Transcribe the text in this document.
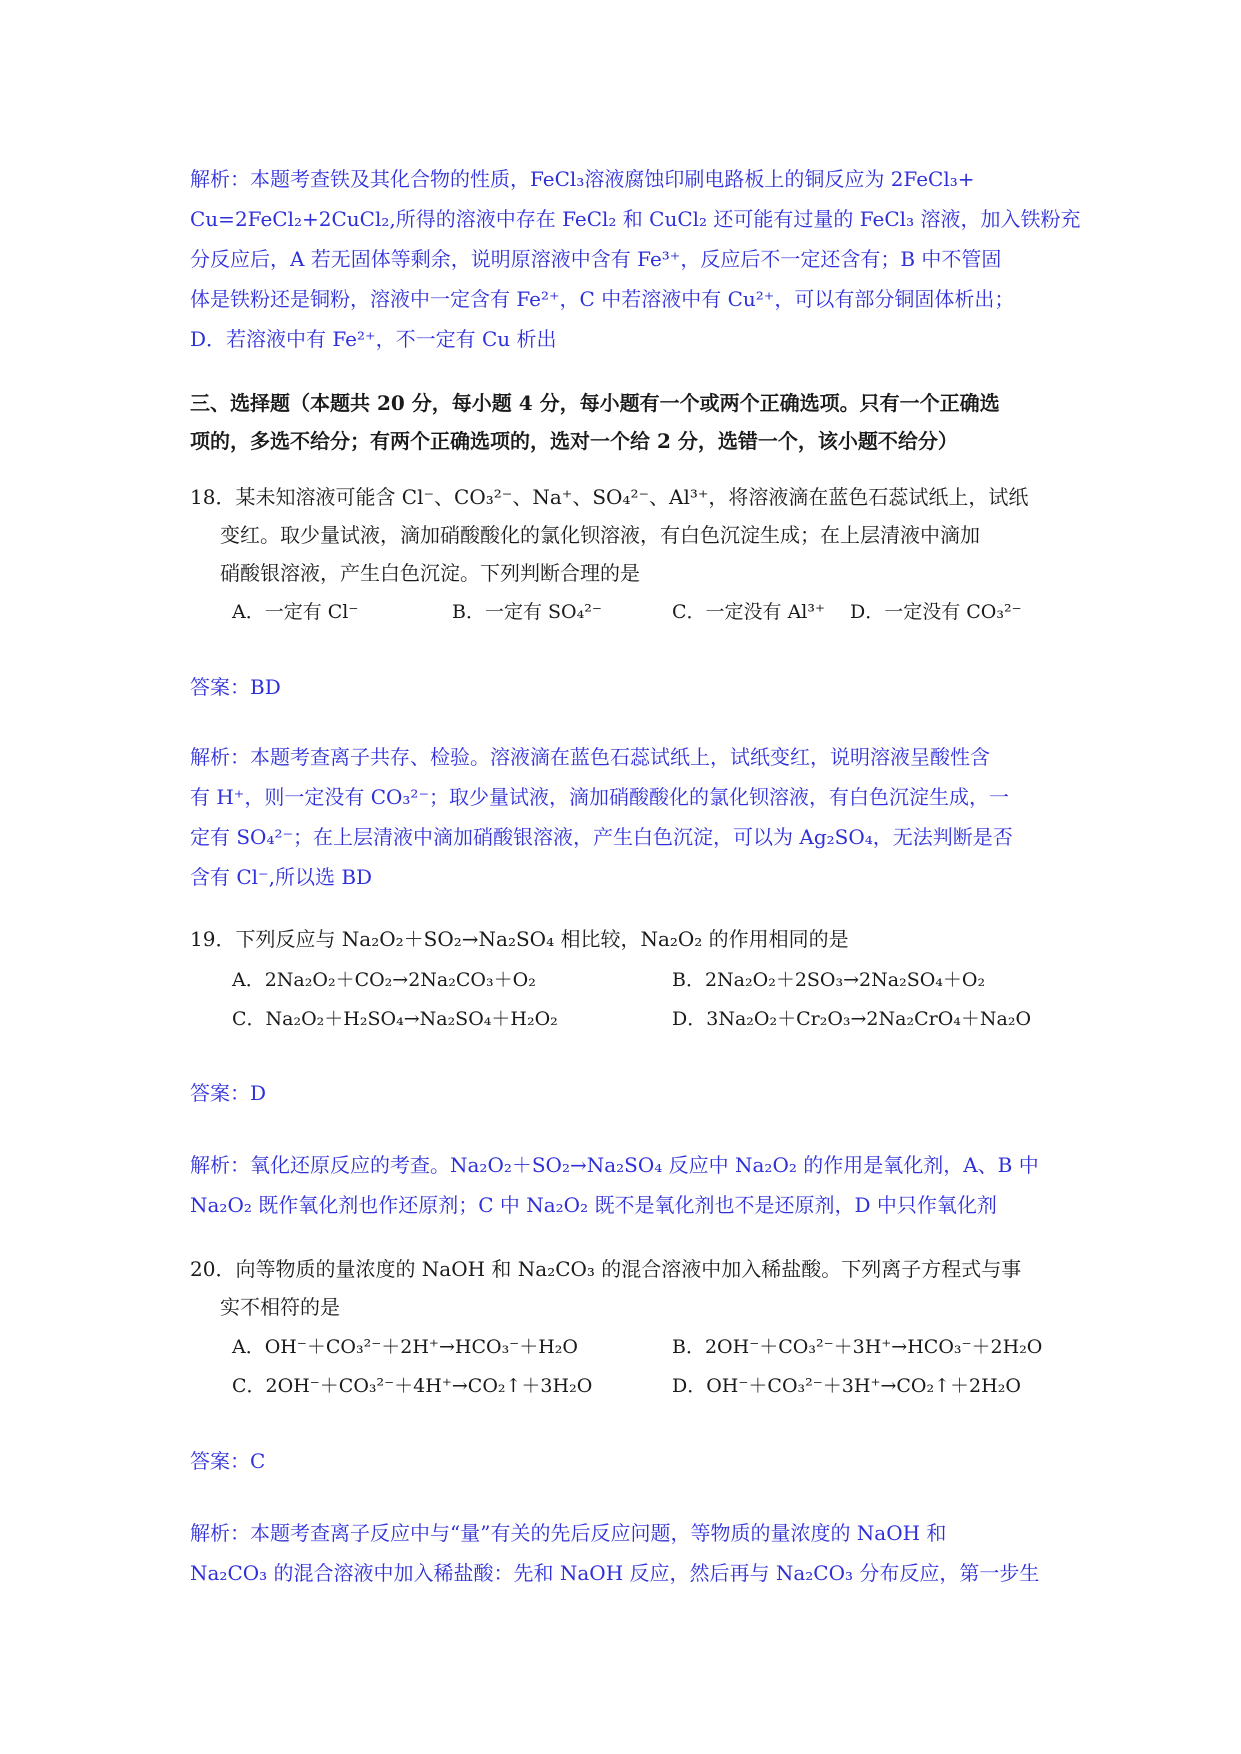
解析：本题考查铁及其化合物的性质，FeCl₃溶液腐蚀印刷电路板上的铜反应为 2FeCl₃+
Cu=2FeCl₂+2CuCl₂,所得的溶液中存在 FeCl₂ 和 CuCl₂ 还可能有过量的 FeCl₃ 溶液，加入铁粉充
分反应后，A 若无固体等剩余，说明原溶液中含有 Fe³⁺，反应后不一定还含有；B 中不管固
体是铁粉还是铜粉，溶液中一定含有 Fe²⁺，C 中若溶液中有 Cu²⁺，可以有部分铜固体析出；
D．若溶液中有 Fe²⁺，不一定有 Cu 析出
三、选择题（本题共 20 分，每小题 4 分，每小题有一个或两个正确选项。只有一个正确选
项的，多选不给分；有两个正确选项的，选对一个给 2 分，选错一个，该小题不给分）
18．某未知溶液可能含 Cl⁻、CO₃²⁻、Na⁺、SO₄²⁻、Al³⁺，将溶液滴在蓝色石蕊试纸上，试纸
变红。取少量试液，滴加硝酸酸化的氯化钡溶液，有白色沉淀生成；在上层清液中滴加
硝酸银溶液，产生白色沉淀。下列判断合理的是
A．一定有 Cl⁻	B．一定有 SO₄²⁻	C．一定没有 Al³⁺ D．一定没有 CO₃²⁻
答案：BD
解析：本题考查离子共存、检验。溶液滴在蓝色石蕊试纸上，试纸变红，说明溶液呈酸性含
有 H⁺，则一定没有 CO₃²⁻；取少量试液，滴加硝酸酸化的氯化钡溶液，有白色沉淀生成，一
定有 SO₄²⁻；在上层清液中滴加硝酸银溶液，产生白色沉淀，可以为 Ag₂SO₄，无法判断是否
含有 Cl⁻,所以选 BD
19．下列反应与 Na₂O₂＋SO₂→Na₂SO₄ 相比较，Na₂O₂ 的作用相同的是
A．2Na₂O₂＋CO₂→2Na₂CO₃＋O₂	B．2Na₂O₂＋2SO₃→2Na₂SO₄＋O₂
C．Na₂O₂＋H₂SO₄→Na₂SO₄＋H₂O₂	D．3Na₂O₂＋Cr₂O₃→2Na₂CrO₄＋Na₂O
答案：D
解析：氧化还原反应的考查。Na₂O₂＋SO₂→Na₂SO₄ 反应中 Na₂O₂ 的作用是氧化剂，A、B 中
Na₂O₂ 既作氧化剂也作还原剂；C 中 Na₂O₂ 既不是氧化剂也不是还原剂，D 中只作氧化剂
20．向等物质的量浓度的 NaOH 和 Na₂CO₃ 的混合溶液中加入稀盐酸。下列离子方程式与事
实不相符的是
A．OH⁻＋CO₃²⁻＋2H⁺→HCO₃⁻＋H₂O	B．2OH⁻＋CO₃²⁻＋3H⁺→HCO₃⁻＋2H₂O
C．2OH⁻＋CO₃²⁻＋4H⁺→CO₂↑＋3H₂O	D．OH⁻＋CO₃²⁻＋3H⁺→CO₂↑＋2H₂O
答案：C
解析：本题考查离子反应中与“量”有关的先后反应问题，等物质的量浓度的 NaOH 和
Na₂CO₃ 的混合溶液中加入稀盐酸：先和 NaOH 反应，然后再与 Na₂CO₃ 分布反应，第一步生
